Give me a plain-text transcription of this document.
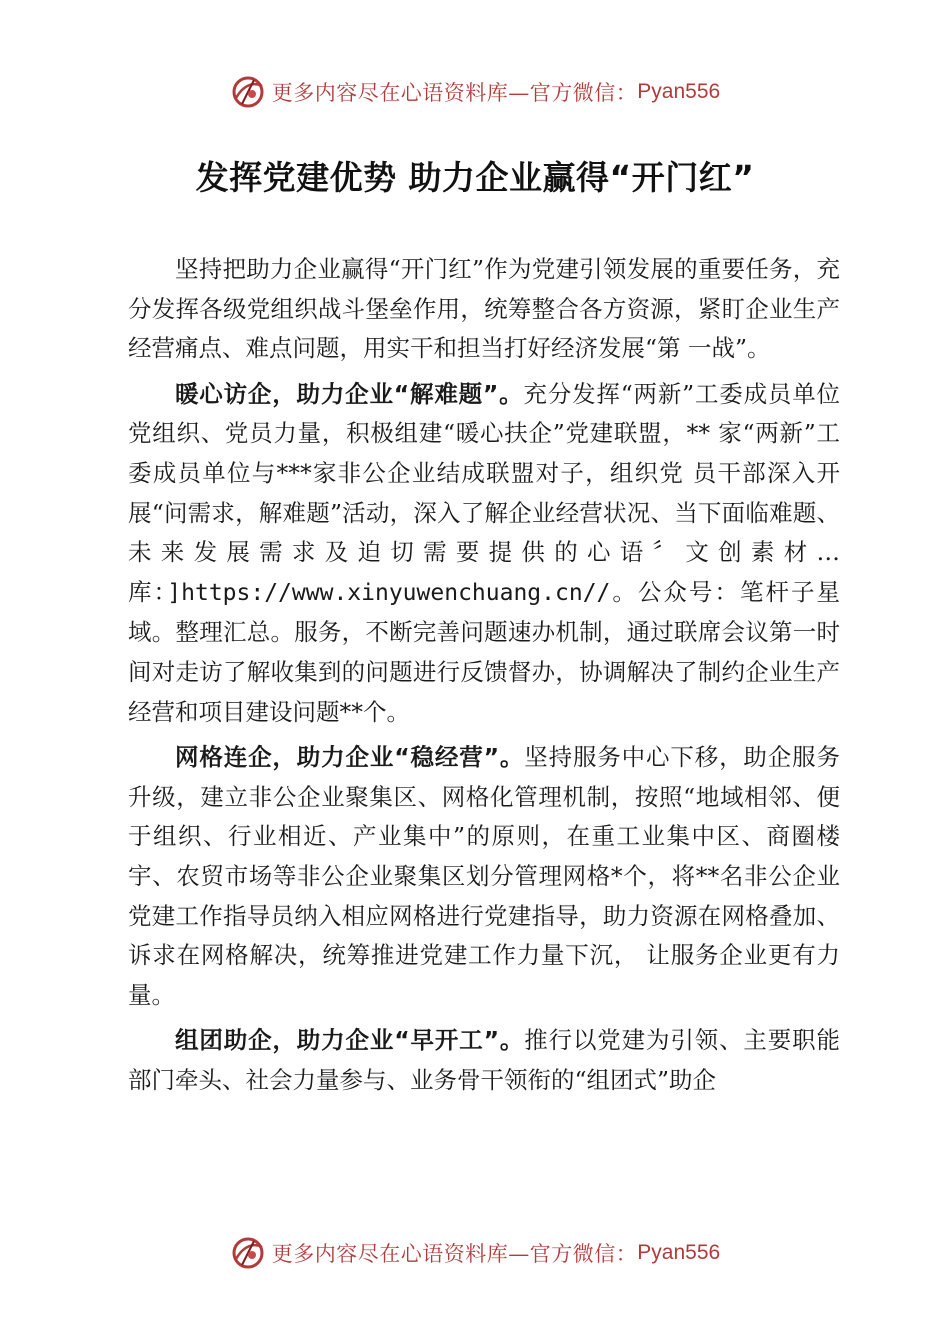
更多内容尽在心语资料库—官方微信： Pyan556
发挥党建优势 助力企业赢得“开门红”

坚持把助力企业赢得“开门红”作为党建引领发展的重要任务，充分发挥各级党组织战斗堡垒作用，统筹整合各方资源，紧盯企业生产经营痛点、难点问题，用实干和担当打好经济发展“第 一战”。

暖心访企，助力企业“解难题”。充分发挥“两新”工委成员单位党组织、党员力量，积极组建“暖心扶企”党建联盟，** 家“两新”工委成员单位与***家非公企业结成联盟对子，组织党 员干部深入开展“问需求，解难题”活动，深入了解企业经营状况、当下面临难题、未来发展需求及迫切需要提供的心语〞文创素材…库：]https://www.xinyuwenchuang.cn//。公众号：笔杆子星域。整理汇总。服务，不断完善问题速办机制，通过联席会议第一时间对走访了解收集到的问题进行反馈督办，协调解决了制约企业生产经营和项目建设问题**个。

网格连企，助力企业“稳经营”。坚持服务中心下移，助企服务升级，建立非公企业聚集区、网格化管理机制，按照“地域相邻、便于组织、行业相近、产业集中”的原则，在重工业集中区、商圈楼宇、农贸市场等非公企业聚集区划分管理网格*个，将**名非公企业党建工作指导员纳入相应网格进行党建指导，助力资源在网格叠加、诉求在网格解决，统筹推进党建工作力量下沉， 让服务企业更有力量。

组团助企，助力企业“早开工”。推行以党建为引领、主要职能部门牵头、社会力量参与、业务骨干领衔的“组团式”助企

更多内容尽在心语资料库—官方微信： Pyan556
